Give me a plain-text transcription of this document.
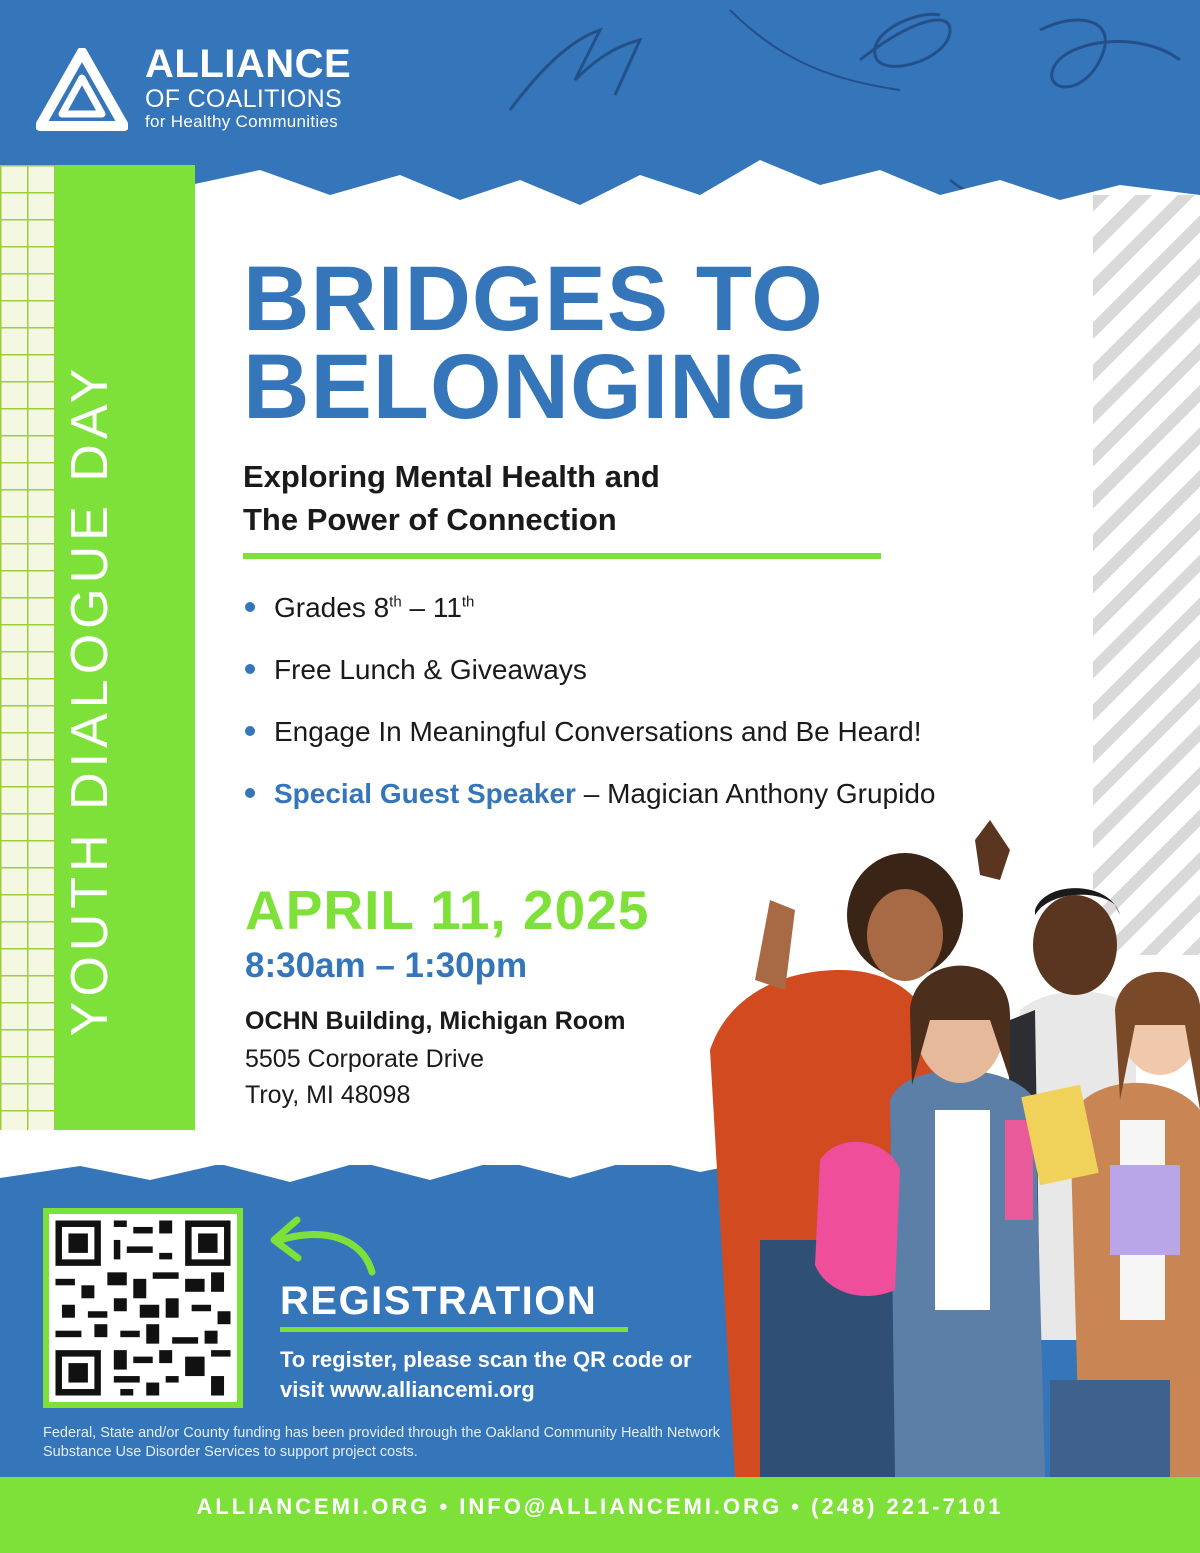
ALLIANCE
OF COALITIONS
for Healthy Communities
YOUTH DIALOGUE DAY
BRIDGES TO BELONGING
Exploring Mental Health and
The Power of Connection
Grades 8th – 11th
Free Lunch & Giveaways
Engage In Meaningful Conversations and Be Heard!
Special Guest Speaker – Magician Anthony Grupido
APRIL 11, 2025
8:30am – 1:30pm
OCHN Building, Michigan Room
5505 Corporate Drive
Troy, MI 48098
REGISTRATION
To register, please scan the QR code or visit www.alliancemi.org
Federal, State and/or County funding has been provided through the Oakland Community Health Network Substance Use Disorder Services to support project costs.
ALLIANCEMI.ORG • INFO@ALLIANCEMI.ORG • (248) 221-7101
